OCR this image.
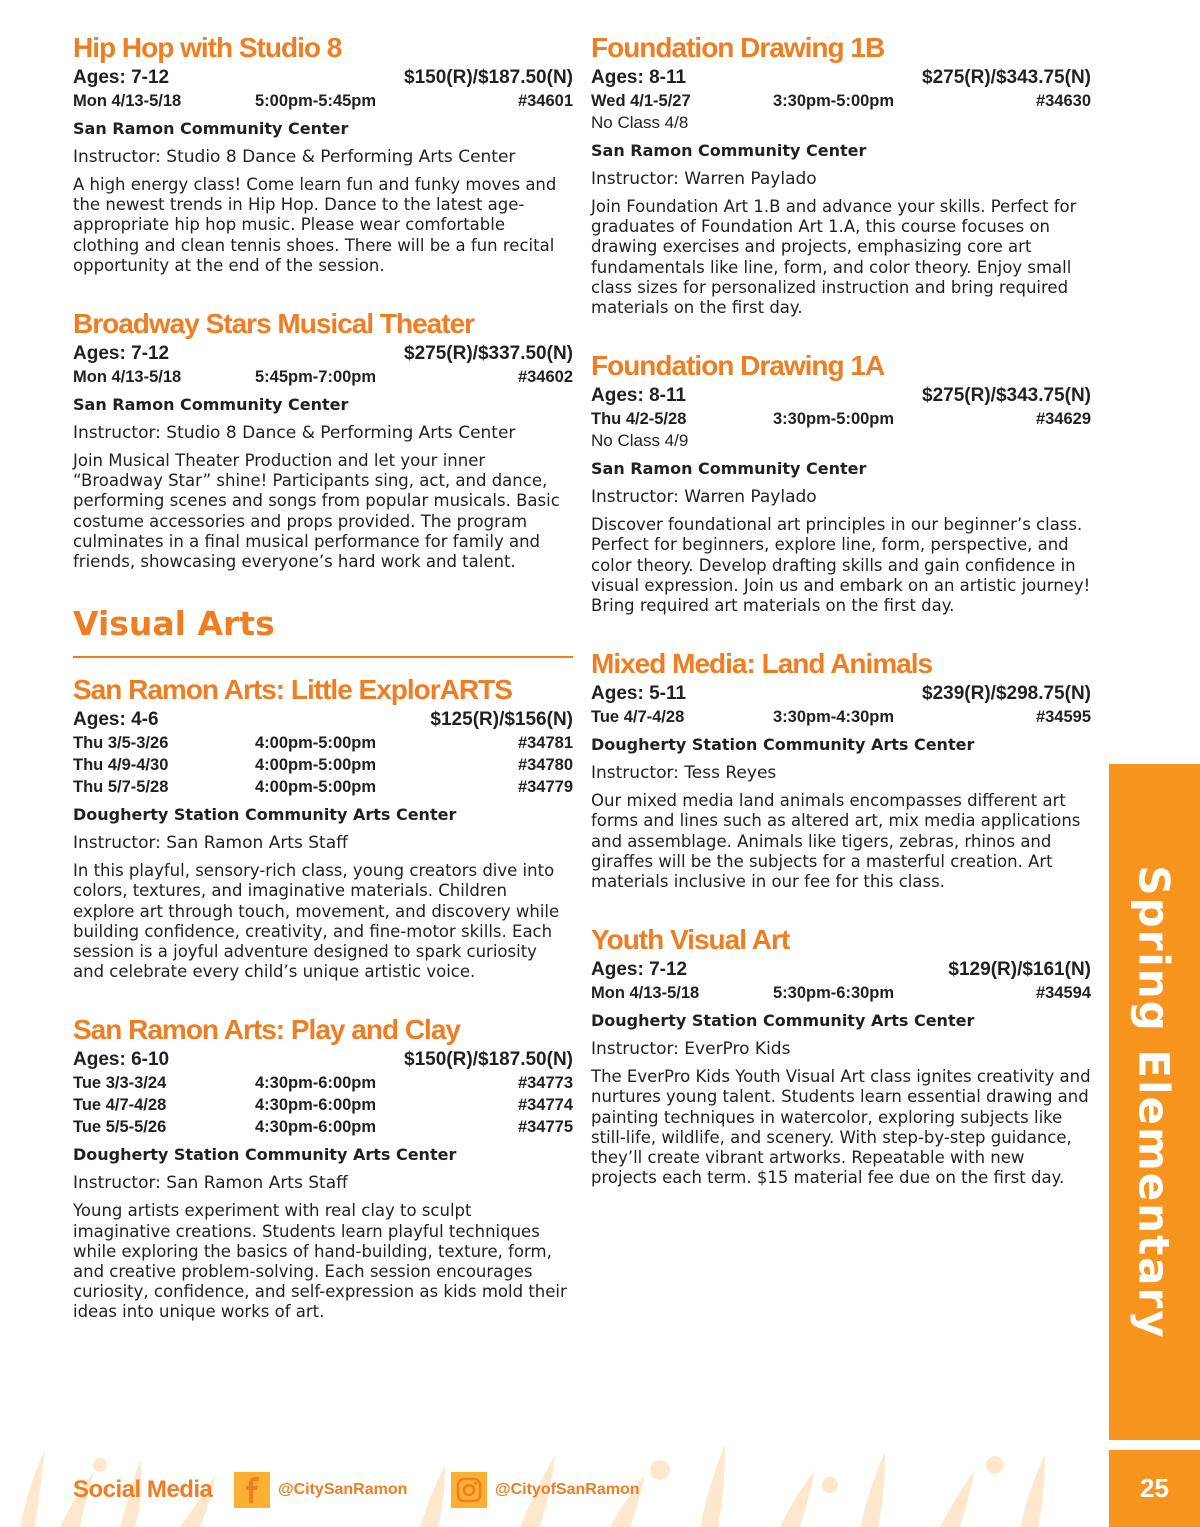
Hip Hop with Studio 8
Ages: 7-12	$150(R)/$187.50(N)
Mon 4/13-5/18	5:00pm-5:45pm	#34601
San Ramon Community Center
Instructor: Studio 8 Dance & Performing Arts Center
A high energy class! Come learn fun and funky moves and the newest trends in Hip Hop. Dance to the latest age-appropriate hip hop music. Please wear comfortable clothing and clean tennis shoes. There will be a fun recital opportunity at the end of the session.
Broadway Stars Musical Theater
Ages: 7-12	$275(R)/$337.50(N)
Mon 4/13-5/18	5:45pm-7:00pm	#34602
San Ramon Community Center
Instructor: Studio 8 Dance & Performing Arts Center
Join Musical Theater Production and let your inner “Broadway Star” shine! Participants sing, act, and dance, performing scenes and songs from popular musicals. Basic costume accessories and props provided. The program culminates in a final musical performance for family and friends, showcasing everyone’s hard work and talent.
Visual Arts
San Ramon Arts: Little ExplorARTS
Ages: 4-6	$125(R)/$156(N)
Thu 3/5-3/26	4:00pm-5:00pm	#34781
Thu 4/9-4/30	4:00pm-5:00pm	#34780
Thu 5/7-5/28	4:00pm-5:00pm	#34779
Dougherty Station Community Arts Center
Instructor: San Ramon Arts Staff
In this playful, sensory-rich class, young creators dive into colors, textures, and imaginative materials. Children explore art through touch, movement, and discovery while building confidence, creativity, and fine-motor skills. Each session is a joyful adventure designed to spark curiosity and celebrate every child’s unique artistic voice.
San Ramon Arts: Play and Clay
Ages: 6-10	$150(R)/$187.50(N)
Tue 3/3-3/24	4:30pm-6:00pm	#34773
Tue 4/7-4/28	4:30pm-6:00pm	#34774
Tue 5/5-5/26	4:30pm-6:00pm	#34775
Dougherty Station Community Arts Center
Instructor: San Ramon Arts Staff
Young artists experiment with real clay to sculpt imaginative creations. Students learn playful techniques while exploring the basics of hand-building, texture, form, and creative problem-solving. Each session encourages curiosity, confidence, and self-expression as kids mold their ideas into unique works of art.
Foundation Drawing 1B
Ages: 8-11	$275(R)/$343.75(N)
Wed 4/1-5/27	3:30pm-5:00pm	#34630
No Class 4/8
San Ramon Community Center
Instructor: Warren Paylado
Join Foundation Art 1.B and advance your skills. Perfect for graduates of Foundation Art 1.A, this course focuses on drawing exercises and projects, emphasizing core art fundamentals like line, form, and color theory. Enjoy small class sizes for personalized instruction and bring required materials on the first day.
Foundation Drawing 1A
Ages: 8-11	$275(R)/$343.75(N)
Thu 4/2-5/28	3:30pm-5:00pm	#34629
No Class 4/9
San Ramon Community Center
Instructor: Warren Paylado
Discover foundational art principles in our beginner’s class. Perfect for beginners, explore line, form, perspective, and color theory. Develop drafting skills and gain confidence in visual expression. Join us and embark on an artistic journey! Bring required art materials on the first day.
Mixed Media: Land Animals
Ages: 5-11	$239(R)/$298.75(N)
Tue 4/7-4/28	3:30pm-4:30pm	#34595
Dougherty Station Community Arts Center
Instructor: Tess Reyes
Our mixed media land animals encompasses different art forms and lines such as altered art, mix media applications and assemblage. Animals like tigers, zebras, rhinos and giraffes will be the subjects for a masterful creation. Art materials inclusive in our fee for this class.
Youth Visual Art
Ages: 7-12	$129(R)/$161(N)
Mon 4/13-5/18	5:30pm-6:30pm	#34594
Dougherty Station Community Arts Center
Instructor: EverPro Kids
The EverPro Kids Youth Visual Art class ignites creativity and nurtures young talent. Students learn essential drawing and painting techniques in watercolor, exploring subjects like still-life, wildlife, and scenery. With step-by-step guidance, they’ll create vibrant artworks. Repeatable with new projects each term. $15 material fee due on the first day.	Spring Elementary
25
Social Media	@CitySanRamon	@CityofSanRamon
